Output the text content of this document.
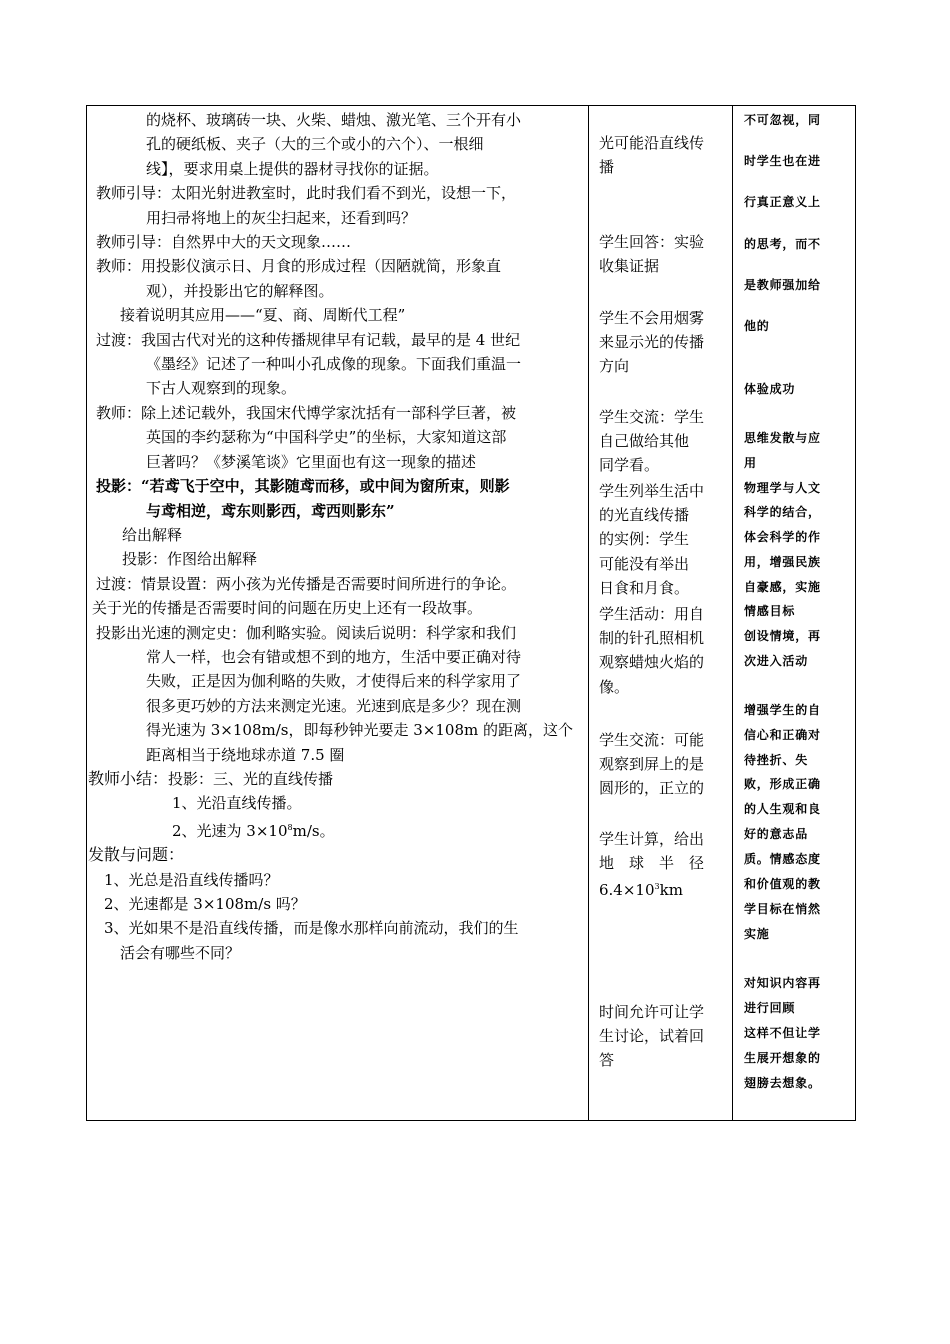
的烧杯、玻璃砖一块、火柴、蜡烛、激光笔、三个开有小

孔的硬纸板、夹子（大的三个或小的六个）、一根细

线】，要求用桌上提供的器材寻找你的证据。

教师引导：太阳光射进教室时，此时我们看不到光，设想一下，

用扫帚将地上的灰尘扫起来，还看到吗？

教师引导：自然界中大的天文现象……

教师：用投影仪演示日、月食的形成过程（因陋就简，形象直

观），并投影出它的解释图。

接着说明其应用——“夏、商、周断代工程”

过渡：我国古代对光的这种传播规律早有记载，最早的是 4 世纪

《墨经》记述了一种叫小孔成像的现象。下面我们重温一

下古人观察到的现象。

教师：除上述记载外，我国宋代博学家沈括有一部科学巨著，被

英国的李约瑟称为“中国科学史”的坐标，大家知道这部

巨著吗？《梦溪笔谈》它里面也有这一现象的描述

投影：“若鸢飞于空中，其影随鸢而移，或中间为窗所束，则影

与鸢相逆，鸢东则影西，鸢西则影东”

给出解释

投影：作图给出解释

过渡：情景设置：两小孩为光传播是否需要时间所进行的争论。

关于光的传播是否需要时间的问题在历史上还有一段故事。

投影出光速的测定史：伽利略实验。阅读后说明：科学家和我们

常人一样，也会有错或想不到的地方，生活中要正确对待

失败，正是因为伽利略的失败，才使得后来的科学家用了

很多更巧妙的方法来测定光速。光速到底是多少？现在测

得光速为 3×108m/s，即每秒钟光要走 3×108m 的距离，这个

距离相当于绕地球赤道 7.5 圈

教师小结：投影：三、光的直线传播

1、光沿直线传播。

2、光速为 $3\times 10^8m/s$。

发散与问题：

1、光总是沿直线传播吗？

2、光速都是 3×108m/s 吗？

3、光如果不是沿直线传播，而是像水那样向前流动，我们的生

活会有哪些不同？

光可能沿直线传

播

学生回答：实验

收集证据

学生不会用烟雾

来显示光的传播

方向

学生交流：学生

自己做给其他

同学看。

学生列举生活中

的光直线传播

的实例：学生

可能没有举出

日食和月食。

学生活动：用自

制的针孔照相机

观察蜡烛火焰的

像。

学生交流：可能

观察到屏上的是

圆形的，正立的

学生计算，给出

地　球　半　径

$6.4\times 10^3km$

时间允许可让学

生讨论，试着回

答

不可忽视，同

时学生也在进

行真正意义上

的思考，而不

是教师强加给

他的

体验成功

思维发散与应

用

物理学与人文

科学的结合，

体会科学的作

用，增强民族

自豪感，实施

情感目标

创设情境，再

次进入活动

增强学生的自

信心和正确对

待挫折、失

败，形成正确

的人生观和良

好的意志品

质。情感态度

和价值观的教

学目标在悄然

实施

对知识内容再

进行回顾

这样不但让学

生展开想象的

翅膀去想象。
